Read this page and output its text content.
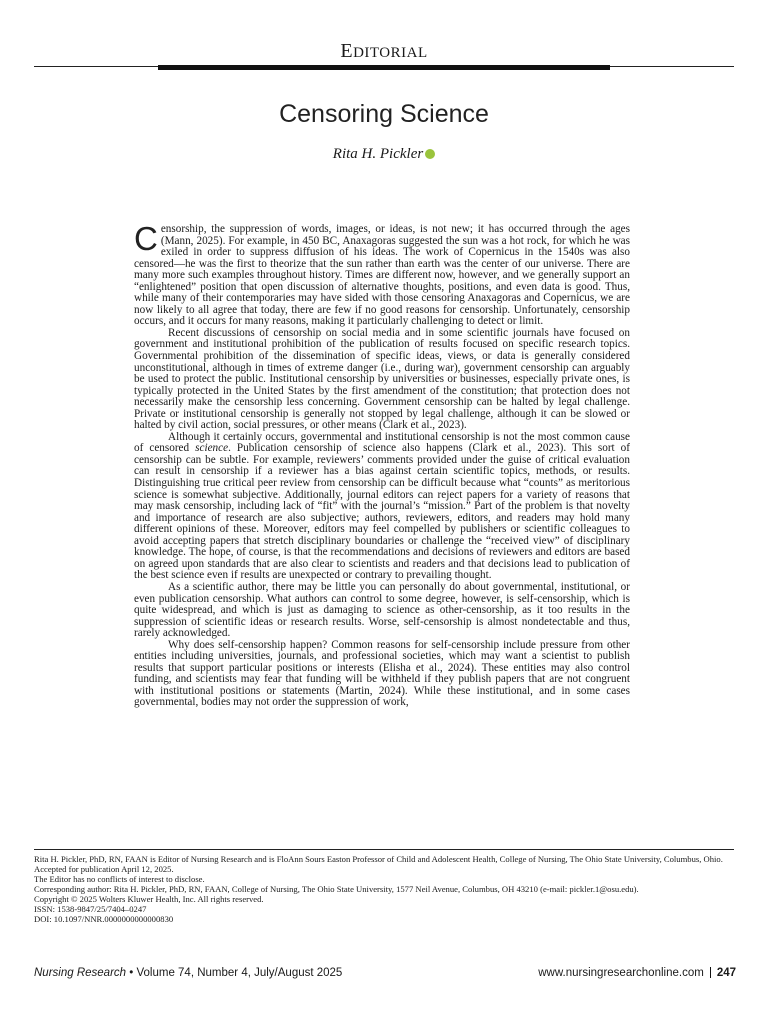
EDITORIAL
Censoring Science
Rita H. Pickler

Censorship, the suppression of words, images, or ideas, is not new; it has occurred through the ages (Mann, 2025). For example, in 450 BC, Anaxagoras suggested the sun was a hot rock, for which he was exiled in order to suppress diffusion of his ideas. The work of Copernicus in the 1540s was also censored—he was the first to theorize that the sun rather than earth was the center of our universe. There are many more such examples throughout history. Times are different now, however, and we generally support an “enlightened” position that open discussion of alternative thoughts, positions, and even data is good. Thus, while many of their contemporaries may have sided with those censoring Anaxagoras and Copernicus, we are now likely to all agree that today, there are few if no good reasons for censorship. Unfortunately, censorship occurs, and it occurs for many reasons, making it particularly challenging to detect or limit.

Recent discussions of censorship on social media and in some scientific journals have focused on government and institutional prohibition of the publication of results focused on specific research topics. Governmental prohibition of the dissemination of specific ideas, views, or data is generally considered unconstitutional, although in times of extreme danger (i.e., during war), government censorship can arguably be used to protect the public. Institutional censorship by universities or businesses, especially private ones, is typically protected in the United States by the first amendment of the constitution; that protection does not necessarily make the censorship less concerning. Government censorship can be halted by legal challenge. Private or institutional censorship is generally not stopped by legal challenge, although it can be slowed or halted by civil action, social pressures, or other means (Clark et al., 2023).

Although it certainly occurs, governmental and institutional censorship is not the most common cause of censored science. Publication censorship of science also happens (Clark et al., 2023). This sort of censorship can be subtle. For example, reviewers’ comments provided under the guise of critical evaluation can result in censorship if a reviewer has a bias against certain scientific topics, methods, or results. Distinguishing true critical peer review from censorship can be difficult because what “counts” as meritorious science is somewhat subjective. Additionally, journal editors can reject papers for a variety of reasons that may mask censorship, including lack of “fit” with the journal’s “mission.” Part of the problem is that novelty and importance of research are also subjective; authors, reviewers, editors, and readers may hold many different opinions of these. Moreover, editors may feel compelled by publishers or scientific colleagues to avoid accepting papers that stretch disciplinary boundaries or challenge the “received view” of disciplinary knowledge. The hope, of course, is that the recommendations and decisions of reviewers and editors are based on agreed upon standards that are also clear to scientists and readers and that decisions lead to publication of the best science even if results are unexpected or contrary to prevailing thought.

As a scientific author, there may be little you can personally do about governmental, institutional, or even publication censorship. What authors can control to some degree, however, is self-censorship, which is quite widespread, and which is just as damaging to science as other-censorship, as it too results in the suppression of scientific ideas or research results. Worse, self-censorship is almost nondetectable and thus, rarely acknowledged.

Why does self-censorship happen? Common reasons for self-censorship include pressure from other entities including universities, journals, and professional societies, which may want a scientist to publish results that support particular positions or interests (Elisha et al., 2024). These entities may also control funding, and scientists may fear that funding will be withheld if they publish papers that are not congruent with institutional positions or statements (Martin, 2024). While these institutional, and in some cases governmental, bodies may not order the suppression of work,

Rita H. Pickler, PhD, RN, FAAN is Editor of Nursing Research and is FloAnn Sours Easton Professor of Child and Adolescent Health, College of Nursing, The Ohio State University, Columbus, Ohio.
Accepted for publication April 12, 2025.
The Editor has no conflicts of interest to disclose.
Corresponding author: Rita H. Pickler, PhD, RN, FAAN, College of Nursing, The Ohio State University, 1577 Neil Avenue, Columbus, OH 43210 (e-mail: pickler.1@osu.edu).
Copyright © 2025 Wolters Kluwer Health, Inc. All rights reserved.
ISSN: 1538-9847/25/7404–0247
DOI: 10.1097/NNR.0000000000000830
Nursing Research • Volume 74, Number 4, July/August 2025	www.nursingresearchonline.com 247
